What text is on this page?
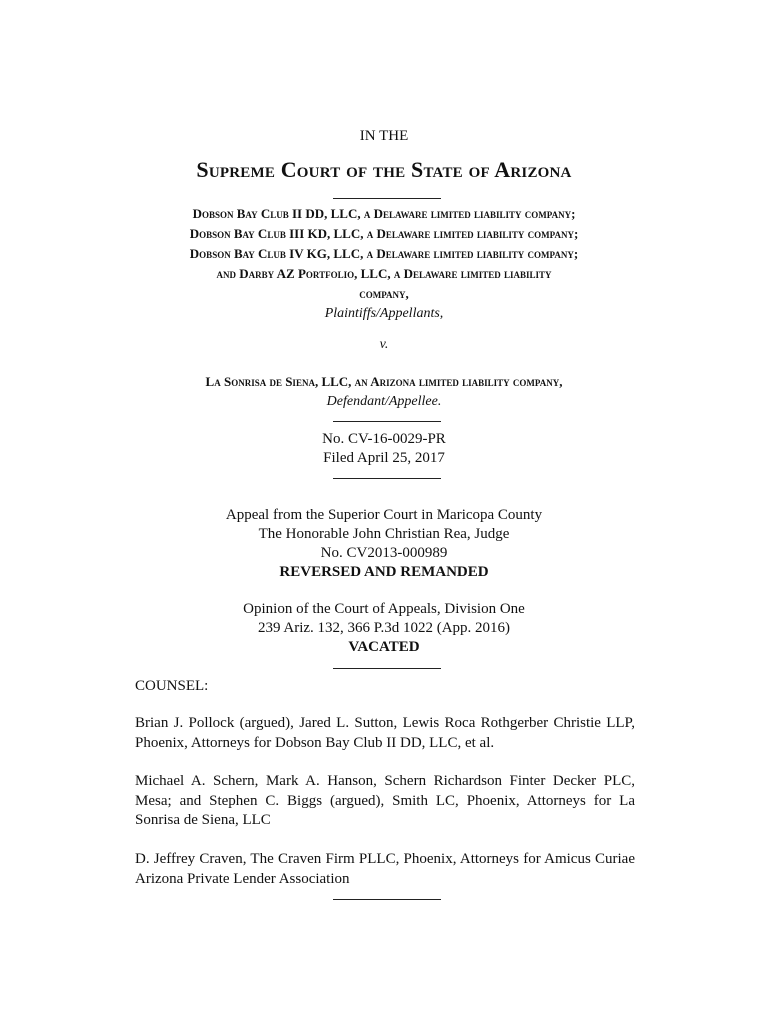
IN THE
Supreme Court of the State of Arizona
Dobson Bay Club II DD, LLC, a Delaware limited liability company;
Dobson Bay Club III KD, LLC, a Delaware limited liability company;
Dobson Bay Club IV KG, LLC, a Delaware limited liability company;
and Darby AZ Portfolio, LLC, a Delaware limited liability
company,
Plaintiffs/Appellants,
v.
La Sonrisa de Siena, LLC, an Arizona limited liability company,
Defendant/Appellee.
No. CV-16-0029-PR
Filed April 25, 2017
Appeal from the Superior Court in Maricopa County
The Honorable John Christian Rea, Judge
No. CV2013-000989
REVERSED AND REMANDED
Opinion of the Court of Appeals, Division One
239 Ariz. 132, 366 P.3d 1022 (App. 2016)
VACATED
COUNSEL:
Brian J. Pollock (argued), Jared L. Sutton, Lewis Roca Rothgerber Christie LLP, Phoenix, Attorneys for Dobson Bay Club II DD, LLC, et al.
Michael A. Schern, Mark A. Hanson, Schern Richardson Finter Decker PLC, Mesa; and Stephen C. Biggs (argued), Smith LC, Phoenix, Attorneys for La Sonrisa de Siena, LLC
D. Jeffrey Craven, The Craven Firm PLLC, Phoenix, Attorneys for Amicus Curiae Arizona Private Lender Association
